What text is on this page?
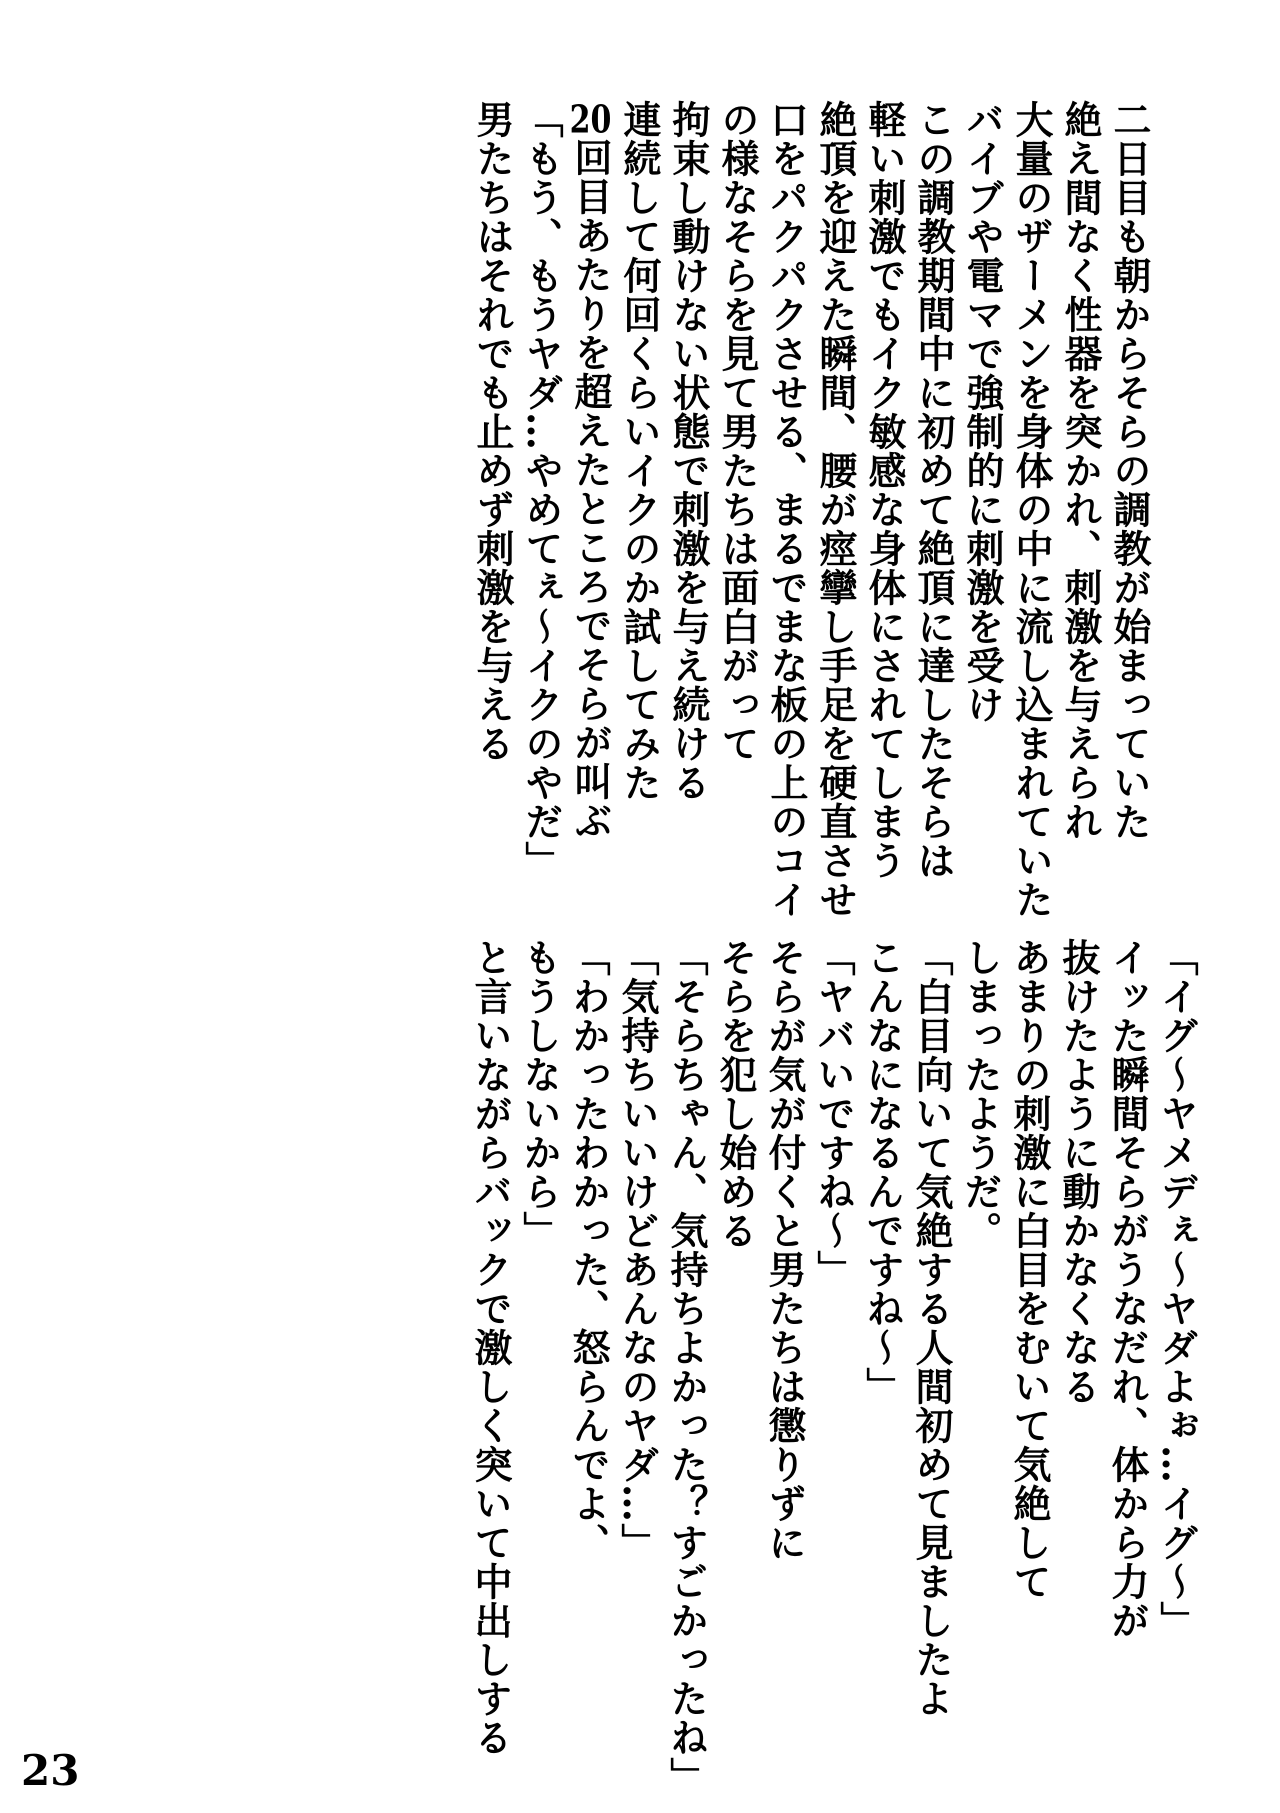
二日目も朝からそらの調教が始まっていた

絶え間なく性器を突かれ、刺激を与えられ

大量のザーメンを身体の中に流し込まれていた

バイブや電マで強制的に刺激を受け

この調教期間中に初めて絶頂に達したそらは

軽い刺激でもイク敏感な身体にされてしまう

絶頂を迎えた瞬間、腰が痙攣し手足を硬直させ

口をパクパクさせる、まるでまな板の上のコイ

の様なそらを見て男たちは面白がって

拘束し動けない状態で刺激を与え続ける

連続して何回くらいイクのか試してみた

20回目あたりを超えたところでそらが叫ぶ

「もう、もうヤダ…やめてぇ～イクのやだ」

男たちはそれでも止めず刺激を与える

「イグ～ヤメデぇ～ヤダよぉ…イグ～」

イッた瞬間そらがうなだれ、体から力が

抜けたように動かなくなる

あまりの刺激に白目をむいて気絶して

しまったようだ。

「白目向いて気絶する人間初めて見ましたよ

こんなになるんですね～」

「ヤバいですね～」

そらが気が付くと男たちは懲りずに

そらを犯し始める

「そらちゃん、気持ちよかった？すごかったね」

「気持ちいいけどあんなのヤダ…」

「わかったわかった、怒らんでよ、

もうしないから」

と言いながらバックで激しく突いて中出しする

23
